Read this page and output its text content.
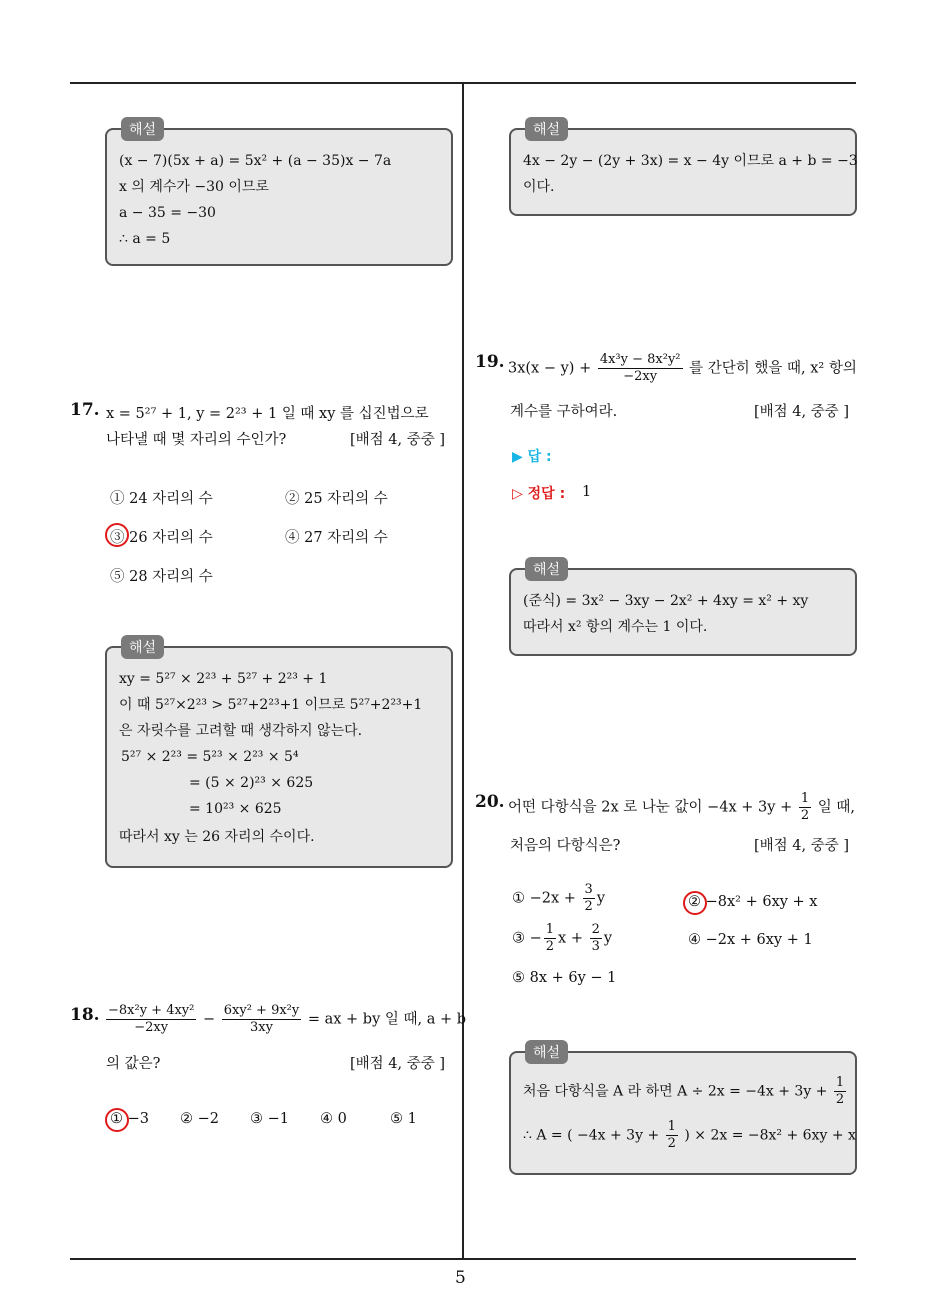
5
해설
(x − 7)(5x + a) = 5x² + (a − 35)x − 7a
x 의 계수가 −30 이므로
a − 35 = −30
∴ a = 5
해설
4x − 2y − (2y + 3x) = x − 4y 이므로 a + b = −3
이다.
17. x = 5²⁷ + 1, y = 2²³ + 1 일 때 xy 를 십진법으로
나타낼 때 몇 자리의 수인가?	[배점 4, 중중 ]
① 24 자리의 수	② 25 자리의 수
③ 26 자리의 수	④ 27 자리의 수
⑤ 28 자리의 수
해설
xy = 5²⁷ × 2²³ + 5²⁷ + 2²³ + 1
이 때 5²⁷×2²³ > 5²⁷+2²³+1 이므로 5²⁷+2²³+1
은 자릿수를 고려할 때 생각하지 않는다.
5²⁷ × 2²³ = 5²³ × 2²³ × 5⁴
= (5 × 2)²³ × 625
= 10²³ × 625
따라서 xy 는 26 자리의 수이다.
18. $\frac{\text{−8x²y + 4xy²}}{-2xy} - \frac{\text{6xy² + 9x²y}}{3xy}$ = ax + by 일 때, a + b
의 값은?	[배점 4, 중중 ]
① −3 ② −2 ③ −1 ④ 0	⑤ 1
19. $3x(x - y) + \frac{\text{4x³y − 8x²y²}}{-2xy}$ 를 간단히 했을 때, x² 항의
계수를 구하여라.	[배점 4, 중중 ]
▶ 답 :
▷ 정답 : 1
해설
(준식) = 3x² − 3xy − 2x² + 4xy = x² + xy
따라서 x² 항의 계수는 1 이다.
20. 어떤 다항식을 2x 로 나눈 값이 $-4x + 3y + \frac{1}{2}$ 일 때,
처음의 다항식은?	[배점 4, 중중 ]
① $-2x + \frac{3}{2}$ y	② −8x² + 6xy + x
③ − $\frac{1}{2}$ $x + \frac{2}{3}$ y	④ −2x + 6xy + 1
⑤ 8x + 6y − 1
해설
처음 다항식을 A 라 하면 $A \div 2x = -4x + 3y + \frac{1}{2}$
∴ A = ( $-4x + 3y + \frac{1}{2}$ ) × 2x = −8x² + 6xy + x
